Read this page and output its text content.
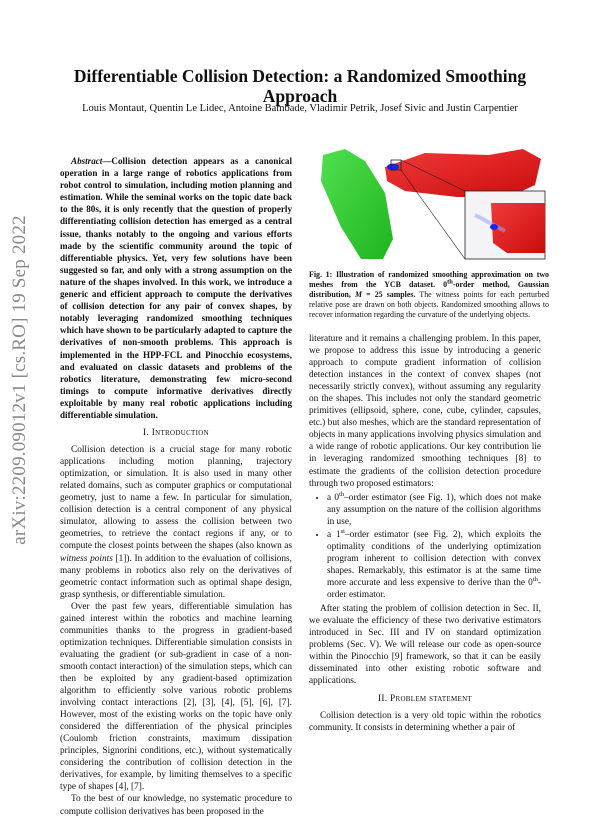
Differentiable Collision Detection: a Randomized Smoothing Approach
Louis Montaut, Quentin Le Lidec, Antoine Bambade, Vladimir Petrik, Josef Sivic and Justin Carpentier
arXiv:2209.09012v1 [cs.RO] 19 Sep 2022

Abstract—Collision detection appears as a canonical operation in a large range of robotics applications from robot control to simulation, including motion planning and estimation. While the seminal works on the topic date back to the 80s, it is only recently that the question of properly differentiating collision detection has emerged as a central issue, thanks notably to the ongoing and various efforts made by the scientific community around the topic of differentiable physics. Yet, very few solutions have been suggested so far, and only with a strong assumption on the nature of the shapes involved. In this work, we introduce a generic and efficient approach to compute the derivatives of collision detection for any pair of convex shapes, by notably leveraging randomized smoothing techniques which have shown to be particularly adapted to capture the derivatives of non-smooth problems. This approach is implemented in the HPP-FCL and Pinocchio ecosystems, and evaluated on classic datasets and problems of the robotics literature, demonstrating few micro-second timings to compute informative derivatives directly exploitable by many real robotic applications including differentiable simulation.

I. Introduction

Collision detection is a crucial stage for many robotic applications including motion planning, trajectory optimization, or simulation. It is also used in many other related domains, such as computer graphics or computational geometry, just to name a few. In particular for simulation, collision detection is a central component of any physical simulator, allowing to assess the collision between two geometries, to retrieve the contact regions if any, or to compute the closest points between the shapes (also known as witness points [1]). In addition to the evaluation of collisions, many problems in robotics also rely on the derivatives of geometric contact information such as optimal shape design, grasp synthesis, or differentiable simulation.

Over the past few years, differentiable simulation has gained interest within the robotics and machine learning communities thanks to the progress in gradient-based optimization techniques. Differentiable simulation consists in evaluating the gradient (or sub-gradient in case of a non-smooth contact interaction) of the simulation steps, which can then be exploited by any gradient-based optimization algorithm to efficiently solve various robotic problems involving contact interactions [2], [3], [4], [5], [6], [7]. However, most of the existing works on the topic have only considered the differentiation of the physical principles (Coulomb friction constraints, maximum dissipation principles, Signorini conditions, etc.), without systematically considering the contribution of collision detection in the derivatives, for example, by limiting themselves to a specific type of shapes [4], [7].

To the best of our knowledge, no systematic procedure to compute collision derivatives has been proposed in the

Fig. 1: Illustration of randomized smoothing approximation on two meshes from the YCB dataset. 0th-order method, Gaussian distribution, M = 25 samples. The witness points for each perturbed relative pose are drawn on both objects. Randomized smoothing allows to recover information regarding the curvature of the underlying objects.

literature and it remains a challenging problem. In this paper, we propose to address this issue by introducing a generic approach to compute gradient information of collision detection instances in the context of convex shapes (not necessarily strictly convex), without assuming any regularity on the shapes. This includes not only the standard geometric primitives (ellipsoid, sphere, cone, cube, cylinder, capsules, etc.) but also meshes, which are the standard representation of objects in many applications involving physics simulation and a wide range of robotic applications. Our key contribution lie in leveraging randomized smoothing techniques [8] to estimate the gradients of the collision detection procedure through two proposed estimators:

• a 0th–order estimator (see Fig. 1), which does not make any assumption on the nature of the collision algorithms in use,
• a 1st–order estimator (see Fig. 2), which exploits the optimality conditions of the underlying optimization program inherent to collision detection with convex shapes. Remarkably, this estimator is at the same time more accurate and less expensive to derive than the 0th-order estimator.

After stating the problem of collision detection in Sec. II, we evaluate the efficiency of these two derivative estimators introduced in Sec. III and IV on standard optimization problems (Sec. V). We will release our code as open-source within the Pinocchio [9] framework, so that it can be easily disseminated into other existing robotic software and applications.

II. Problem statement

Collision detection is a very old topic within the robotics community. It consists in determining whether a pair of
